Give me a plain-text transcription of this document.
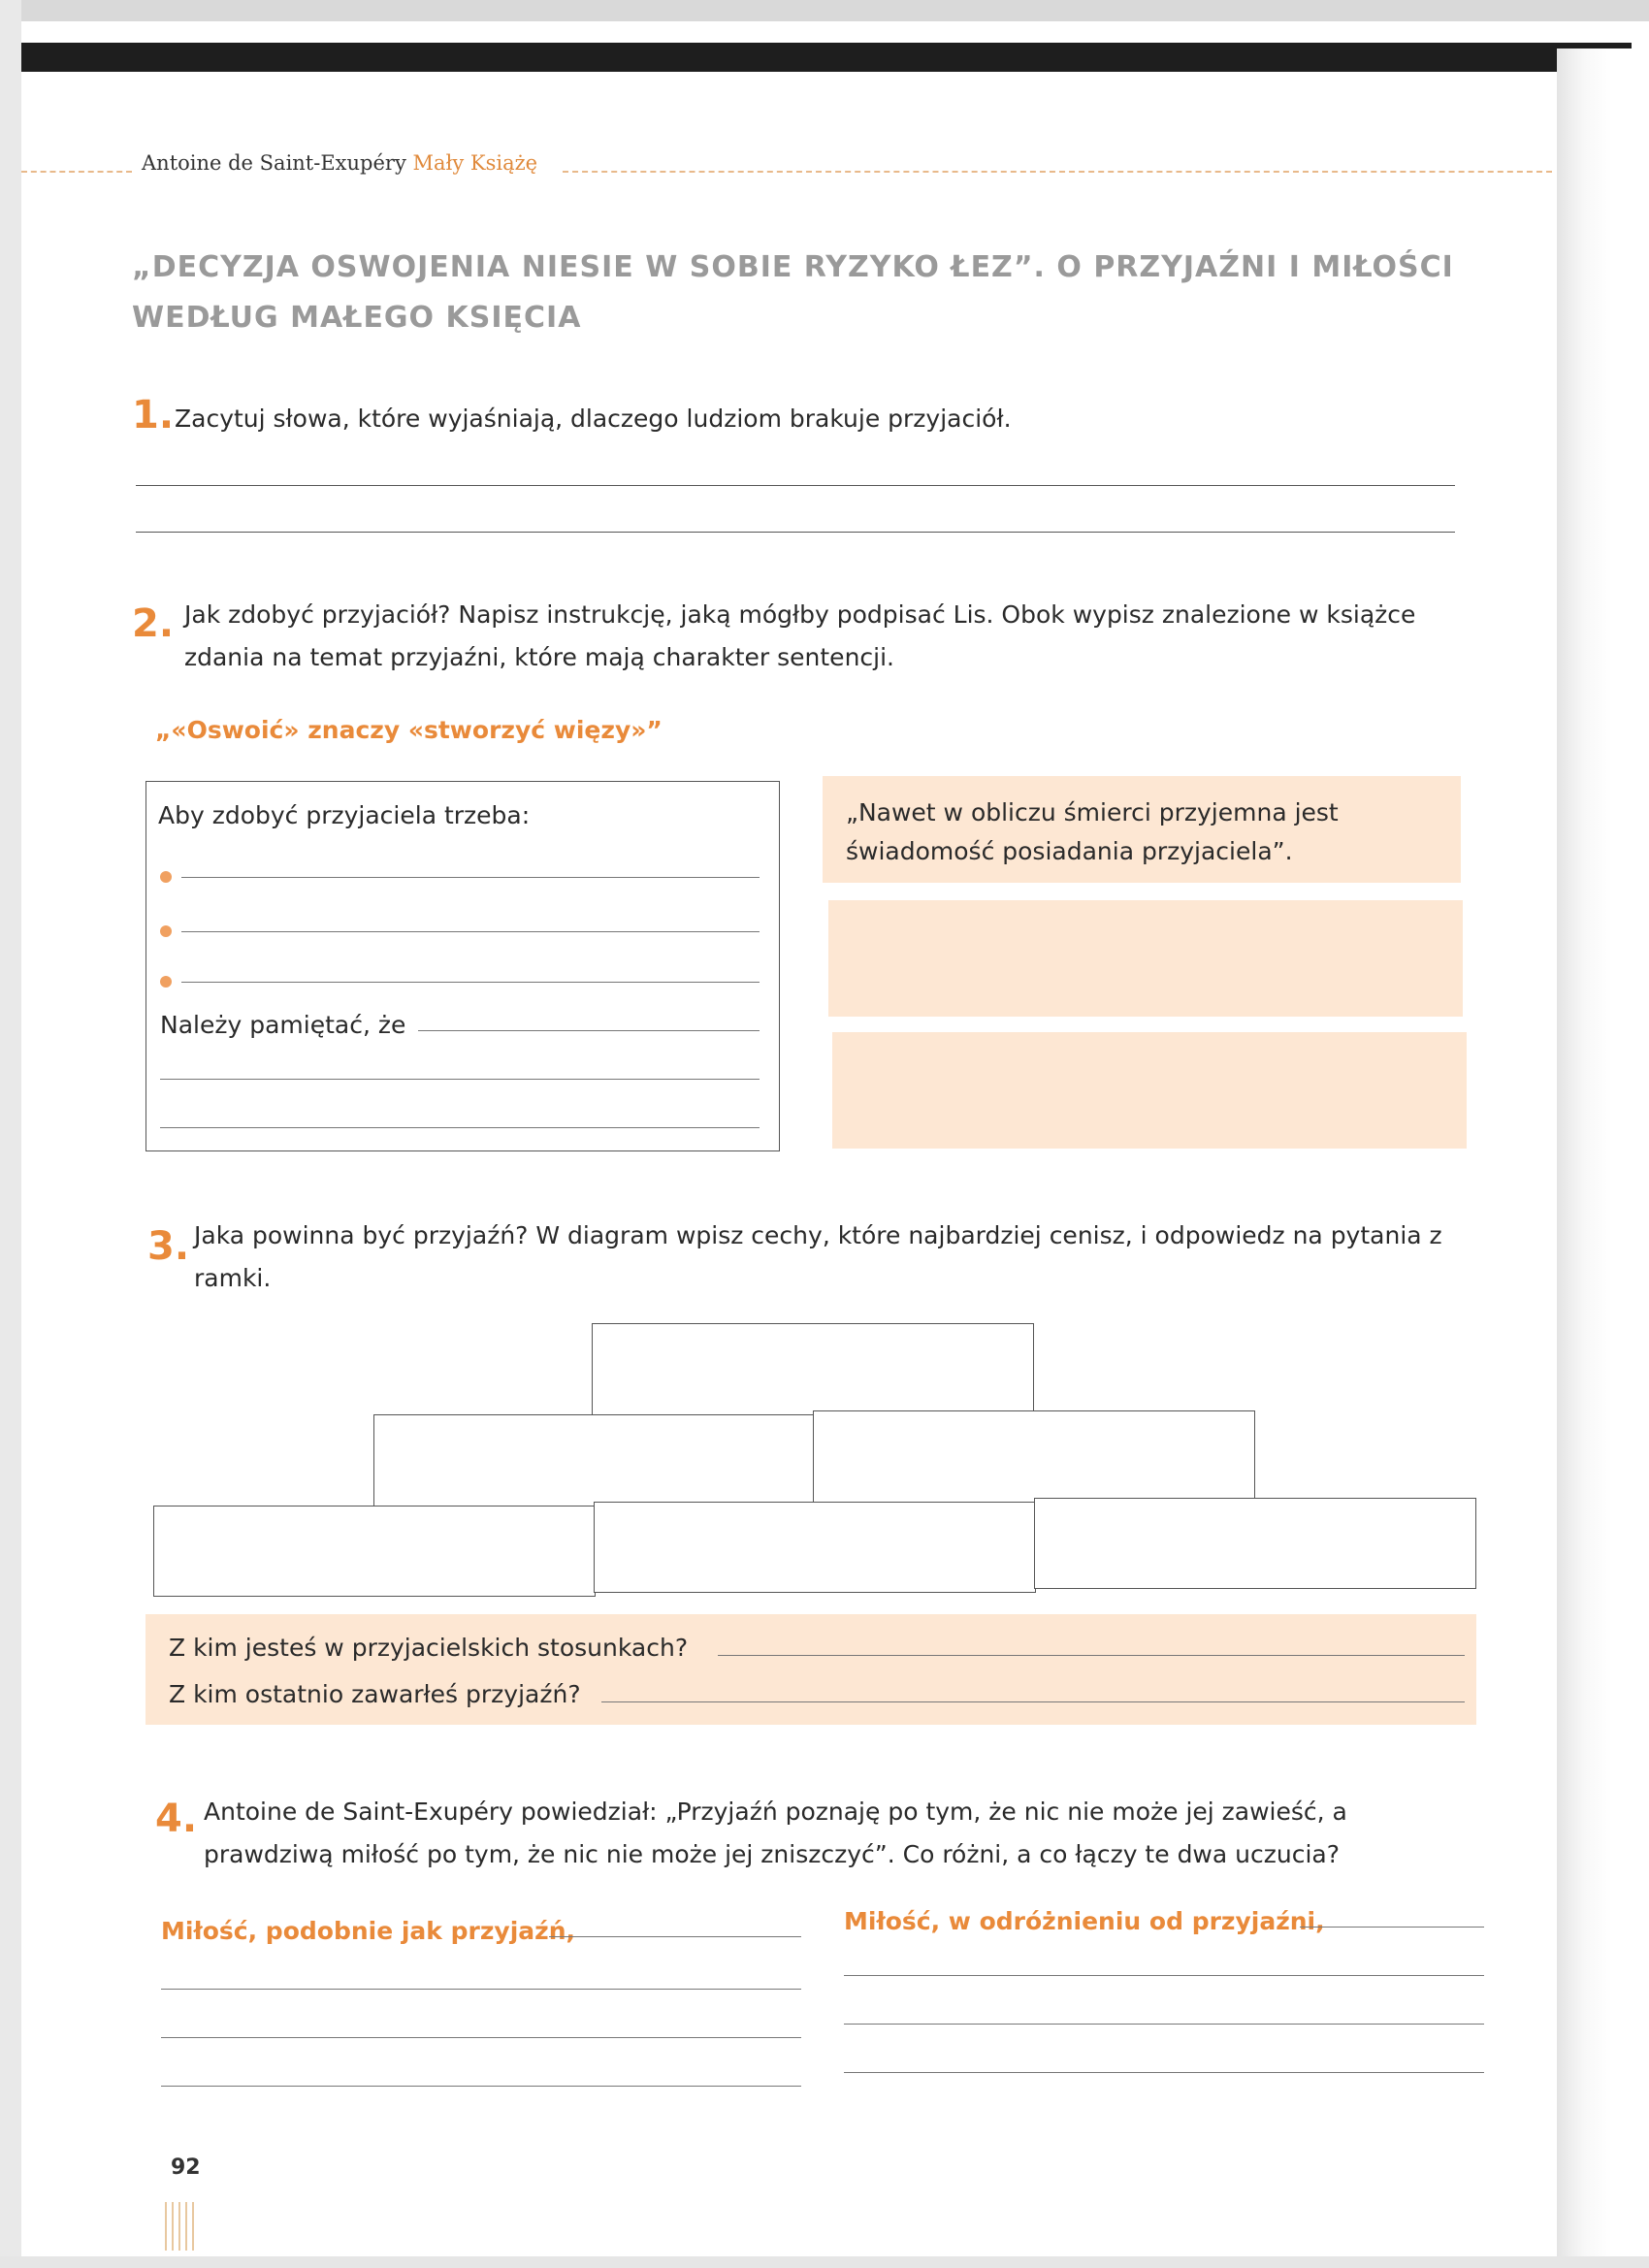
Antoine de Saint-Exupéry Mały Książę
„DECYZJA OSWOJENIA NIESIE W SOBIE RYZYKO ŁEZ”. O PRZYJAŹNI I MIŁOŚCI WEDŁUG MAŁEGO KSIĘCIA
1. Zacytuj słowa, które wyjaśniają, dlaczego ludziom brakuje przyjaciół.
2. Jak zdobyć przyjaciół? Napisz instrukcję, jaką mógłby podpisać Lis. Obok wypisz znalezione w książce zdania na temat przyjaźni, które mają charakter sentencji.
„«Oswoić» znaczy «stworzyć więzy»”
Aby zdobyć przyjaciela trzeba:
Należy pamiętać, że
„Nawet w obliczu śmierci przyjemna jest świadomość posiadania przyjaciela”.
3. Jaka powinna być przyjaźń? W diagram wpisz cechy, które najbardziej cenisz, i odpowiedz na pytania z ramki.
Z kim jesteś w przyjacielskich stosunkach?
Z kim ostatnio zawarłeś przyjaźń?
4. Antoine de Saint-Exupéry powiedział: „Przyjaźń poznaję po tym, że nic nie może jej zawieść, a prawdziwą miłość po tym, że nic nie może jej zniszczyć”. Co różni, a co łączy te dwa uczucia?
Miłość, podobnie jak przyjaźń,	Miłość, w odróżnieniu od przyjaźni,
92
